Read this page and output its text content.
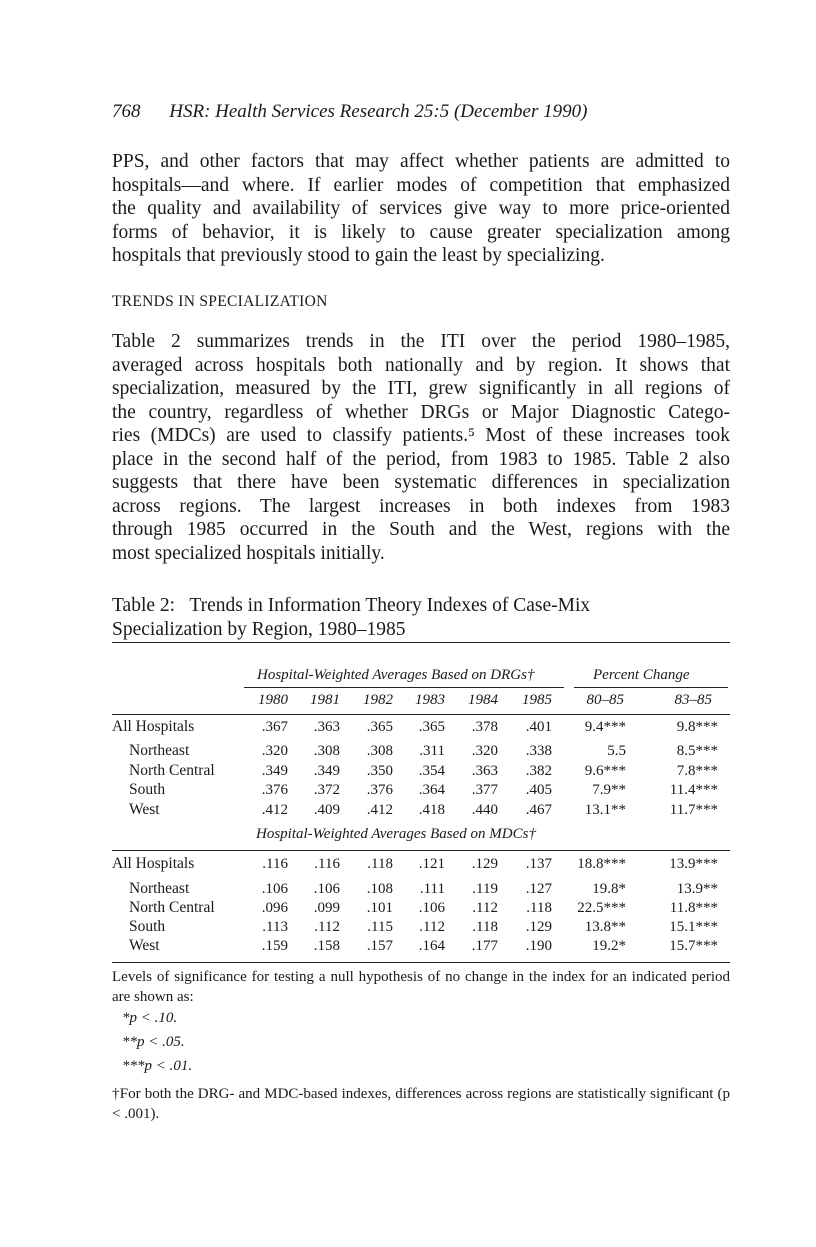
768 HSR: Health Services Research 25:5 (December 1990)
PPS, and other factors that may affect whether patients are admitted to
hospitals—and where. If earlier modes of competition that emphasized
the quality and availability of services give way to more price-oriented
forms of behavior, it is likely to cause greater specialization among
hospitals that previously stood to gain the least by specializing.
TRENDS IN SPECIALIZATION
Table 2 summarizes trends in the ITI over the period 1980–1985,
averaged across hospitals both nationally and by region. It shows that
specialization, measured by the ITI, grew significantly in all regions of
the country, regardless of whether DRGs or Major Diagnostic Catego-
ries (MDCs) are used to classify patients.⁵ Most of these increases took
place in the second half of the period, from 1983 to 1985. Table 2 also
suggests that there have been systematic differences in specialization
across regions. The largest increases in both indexes from 1983
through 1985 occurred in the South and the West, regions with the
most specialized hospitals initially.
Table 2:   Trends in Information Theory Indexes of Case-Mix
Specialization by Region, 1980–1985
Hospital-Weighted Averages Based on DRGs†	Percent Change
1980 1981 1982 1983 1984 1985 80–85	83–85
All Hospitals	.367 .363 .365 .365 .378 .401 9.4***	9.8***
Northeast	.320 .308 .308 .311 .320 .338	5.5	8.5***
North Central	.349 .349 .350 .354 .363 .382 9.6***	7.8***
South	.376 .372 .376 .364 .377 .405	7.9**	11.4***
West	.412 .409 .412 .418 .440 .467 13.1**	11.7***
Hospital-Weighted Averages Based on MDCs†
All Hospitals	.116 .116 .118 .121 .129 .137 18.8***	13.9***
Northeast	.106 .106 .108 .111 .119 .127	19.8*	13.9**
North Central	.096 .099 .101 .106 .112 .118 22.5***	11.8***
South	.113 .112 .115 .112 .118 .129 13.8**	15.1***
West	.159 .158 .157 .164 .177 .190	19.2*	15.7***
Levels of significance for testing a null hypothesis of no change in the index for an indicated period are shown as:
*p < .10.
**p < .05.
***p < .01.
†For both the DRG- and MDC-based indexes, differences across regions are statistically significant (p < .001).
